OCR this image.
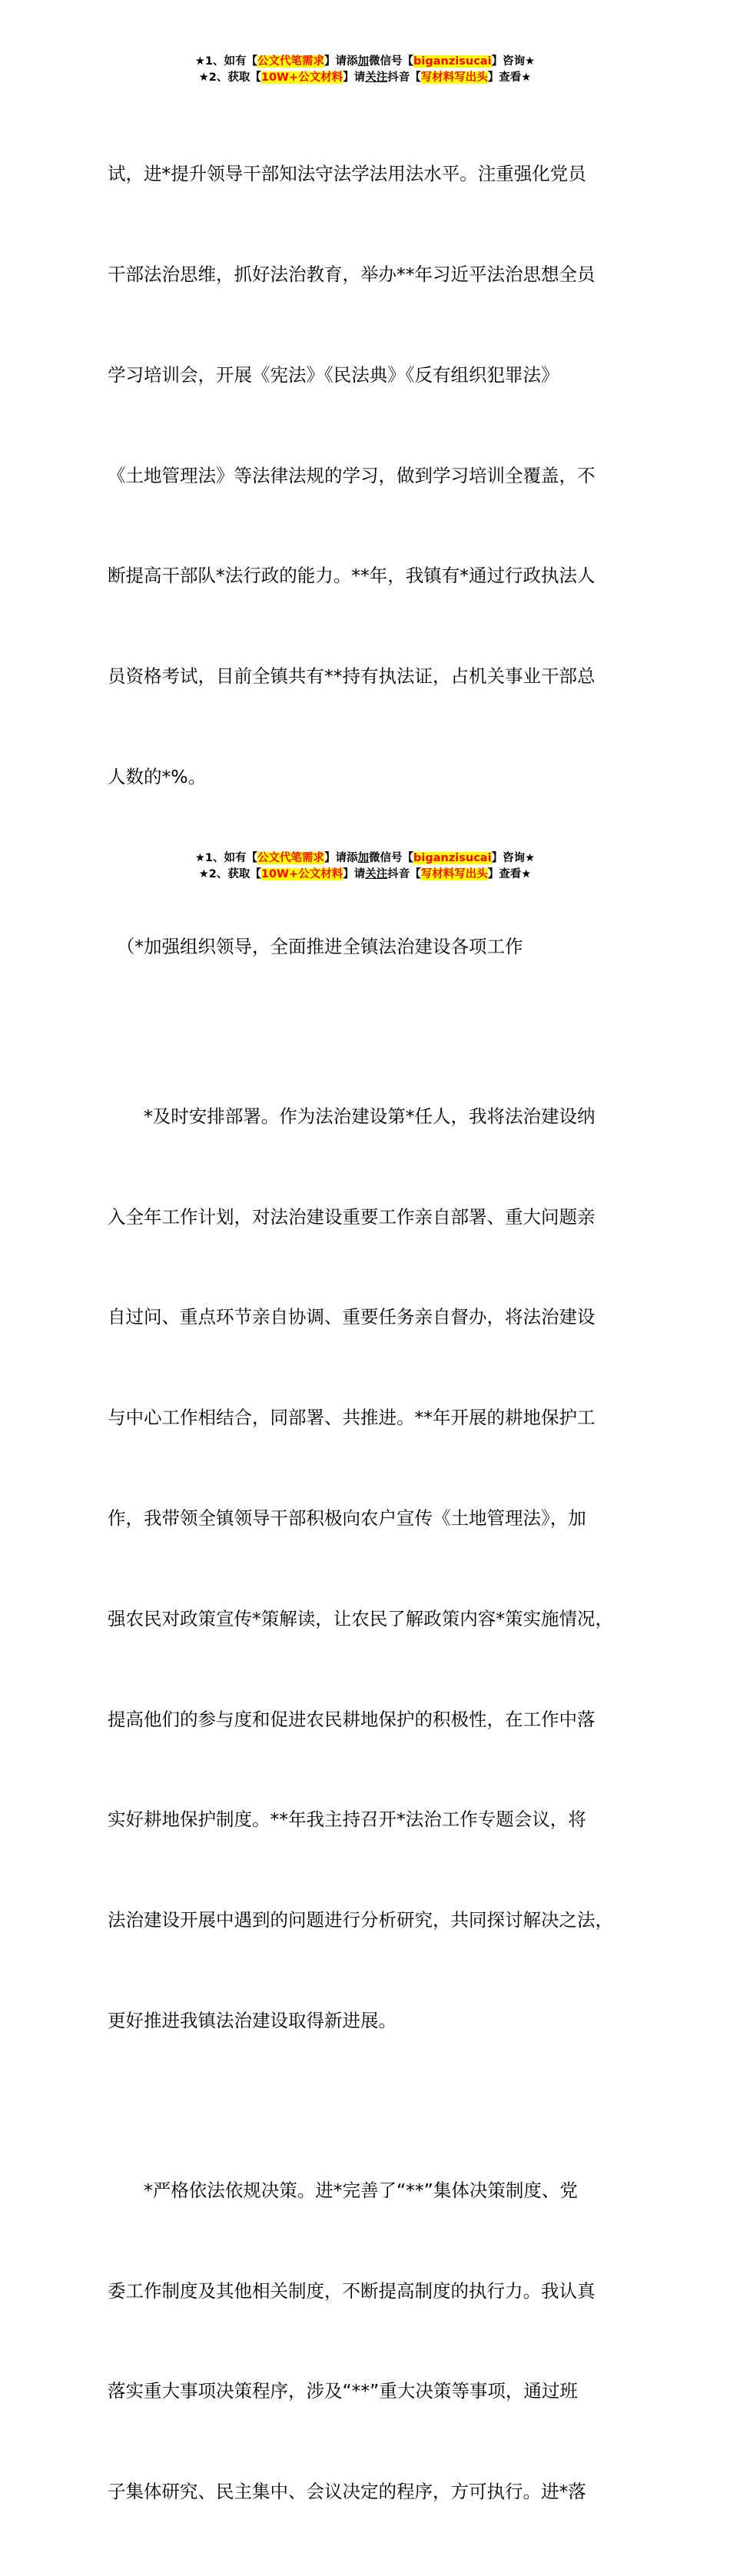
★1、如有【公文代笔需求】请添加微信号【biganzisucai】咨询★
★2、获取【10W+公文材料】请关注抖音【写材料写出头】查看★

试，进*提升领导干部知法守法学法用法水平。注重强化党员

干部法治思维，抓好法治教育，举办**年习近平法治思想全员

学习培训会，开展《宪法》《民法典》《反有组织犯罪法》

《土地管理法》等法律法规的学习，做到学习培训全覆盖，不

断提高干部队*法行政的能力。**年，我镇有*通过行政执法人

员资格考试，目前全镇共有**持有执法证，占机关事业干部总

人数的*%。

　（*加强组织领导，全面推进全镇法治建设各项工作

　　*及时安排部署。作为法治建设第*任人，我将法治建设纳

入全年工作计划，对法治建设重要工作亲自部署、重大问题亲

自过问、重点环节亲自协调、重要任务亲自督办，将法治建设

与中心工作相结合，同部署、共推进。**年开展的耕地保护工

作，我带领全镇领导干部积极向农户宣传《土地管理法》，加

强农民对政策宣传*策解读，让农民了解政策内容*策实施情况，

提高他们的参与度和促进农民耕地保护的积极性，在工作中落

实好耕地保护制度。**年我主持召开*法治工作专题会议，将

法治建设开展中遇到的问题进行分析研究，共同探讨解决之法，

更好推进我镇法治建设取得新进展。

　　*严格依法依规决策。进*完善了“**”集体决策制度、党

委工作制度及其他相关制度，不断提高制度的执行力。我认真

落实重大事项决策程序，涉及“**”重大决策等事项，通过班

子集体研究、民主集中、会议决定的程序，方可执行。进*落

★1、如有【公文代笔需求】请添加微信号【biganzisucai】咨询★
★2、获取【10W+公文材料】请关注抖音【写材料写出头】查看★
